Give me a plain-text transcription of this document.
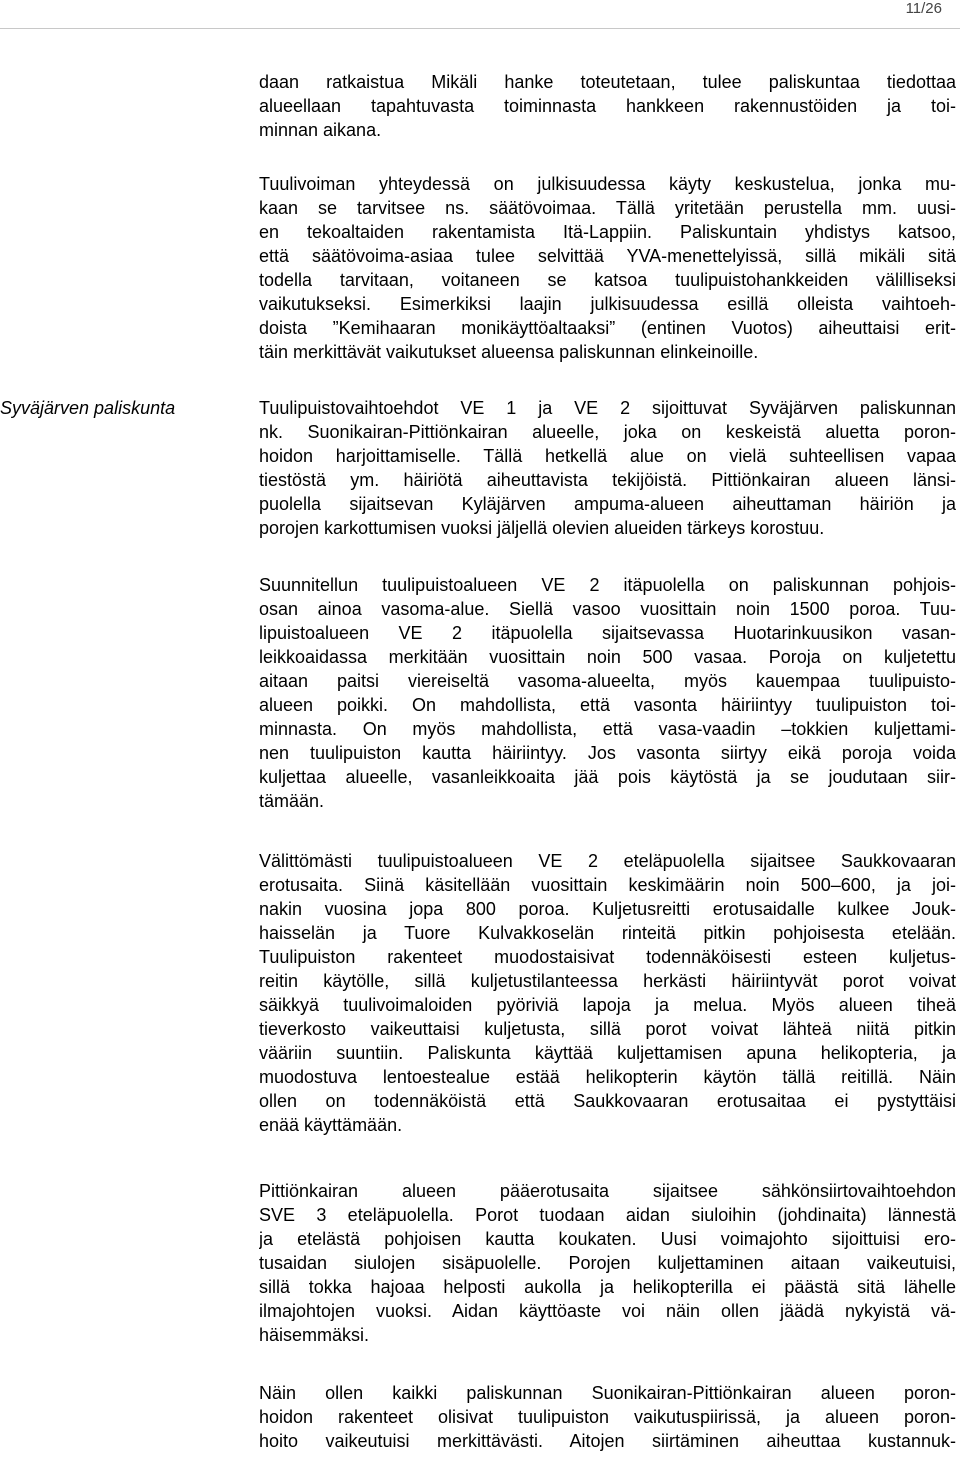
11/26
Syväjärven paliskunta
daan ratkaistua Mikäli hanke toteutetaan, tulee paliskuntaa tiedottaa
alueellaan tapahtuvasta toiminnasta hankkeen rakennustöiden ja toi-
minnan aikana.
Tuulivoiman yhteydessä on julkisuudessa käyty keskustelua, jonka mu-
kaan se tarvitsee ns. säätövoimaa. Tällä yritetään perustella mm. uusi-
en tekoaltaiden rakentamista Itä-Lappiin. Paliskuntain yhdistys katsoo,
että säätövoima-asiaa tulee selvittää YVA-menettelyissä, sillä mikäli sitä
todella tarvitaan, voitaneen se katsoa tuulipuistohankkeiden välilliseksi
vaikutukseksi. Esimerkiksi laajin julkisuudessa esillä olleista vaihtoeh-
doista ”Kemihaaran monikäyttöaltaaksi” (entinen Vuotos) aiheuttaisi erit-
täin merkittävät vaikutukset alueensa paliskunnan elinkeinoille.
Tuulipuistovaihtoehdot VE 1 ja VE 2 sijoittuvat Syväjärven paliskunnan
nk. Suonikairan-Pittiönkairan alueelle, joka on keskeistä aluetta poron-
hoidon harjoittamiselle. Tällä hetkellä alue on vielä suhteellisen vapaa
tiestöstä ym. häiriötä aiheuttavista tekijöistä. Pittiönkairan alueen länsi-
puolella sijaitsevan Kyläjärven ampuma-alueen aiheuttaman häiriön ja
porojen karkottumisen vuoksi jäljellä olevien alueiden tärkeys korostuu.
Suunnitellun tuulipuistoalueen VE 2 itäpuolella on paliskunnan pohjois-
osan ainoa vasoma-alue. Siellä vasoo vuosittain noin 1500 poroa. Tuu-
lipuistoalueen VE 2 itäpuolella sijaitsevassa Huotarinkuusikon vasan-
leikkoaidassa merkitään vuosittain noin 500 vasaa. Poroja on kuljetettu
aitaan paitsi viereiseltä vasoma-alueelta, myös kauempaa tuulipuisto-
alueen poikki. On mahdollista, että vasonta häiriintyy tuulipuiston toi-
minnasta. On myös mahdollista, että vasa-vaadin –tokkien kuljettami-
nen tuulipuiston kautta häiriintyy. Jos vasonta siirtyy eikä poroja voida
kuljettaa alueelle, vasanleikkoaita jää pois käytöstä ja se joudutaan siir-
tämään.
Välittömästi tuulipuistoalueen VE 2 eteläpuolella sijaitsee Saukkovaaran
erotusaita. Siinä käsitellään vuosittain keskimäärin noin 500–600, ja joi-
nakin vuosina jopa 800 poroa. Kuljetusreitti erotusaidalle kulkee Jouk-
haisselän ja Tuore Kulvakkoselän rinteitä pitkin pohjoisesta etelään.
Tuulipuiston rakenteet muodostaisivat todennäköisesti esteen kuljetus-
reitin käytölle, sillä kuljetustilanteessa herkästi häiriintyvät porot voivat
säikkyä tuulivoimaloiden pyöriviä lapoja ja melua. Myös alueen tiheä
tieverkosto vaikeuttaisi kuljetusta, sillä porot voivat lähteä niitä pitkin
vääriin suuntiin. Paliskunta käyttää kuljettamisen apuna helikopteria, ja
muodostuva lentoestealue estää helikopterin käytön tällä reitillä. Näin
ollen on todennäköistä että Saukkovaaran erotusaitaa ei pystyttäisi
enää käyttämään.
Pittiönkairan alueen pääerotusaita sijaitsee sähkönsiirtovaihtoehdon
SVE 3 eteläpuolella. Porot tuodaan aidan siuloihin (johdinaita) lännestä
ja etelästä pohjoisen kautta koukaten. Uusi voimajohto sijoittuisi ero-
tusaidan siulojen sisäpuolelle. Porojen kuljettaminen aitaan vaikeutuisi,
sillä tokka hajoaa helposti aukolla ja helikopterilla ei päästä sitä lähelle
ilmajohtojen vuoksi. Aidan käyttöaste voi näin ollen jäädä nykyistä vä-
häisemmäksi.
Näin ollen kaikki paliskunnan Suonikairan-Pittiönkairan alueen poron-
hoidon rakenteet olisivat tuulipuiston vaikutuspiirissä, ja alueen poron-
hoito vaikeutuisi merkittävästi. Aitojen siirtäminen aiheuttaa kustannuk-
